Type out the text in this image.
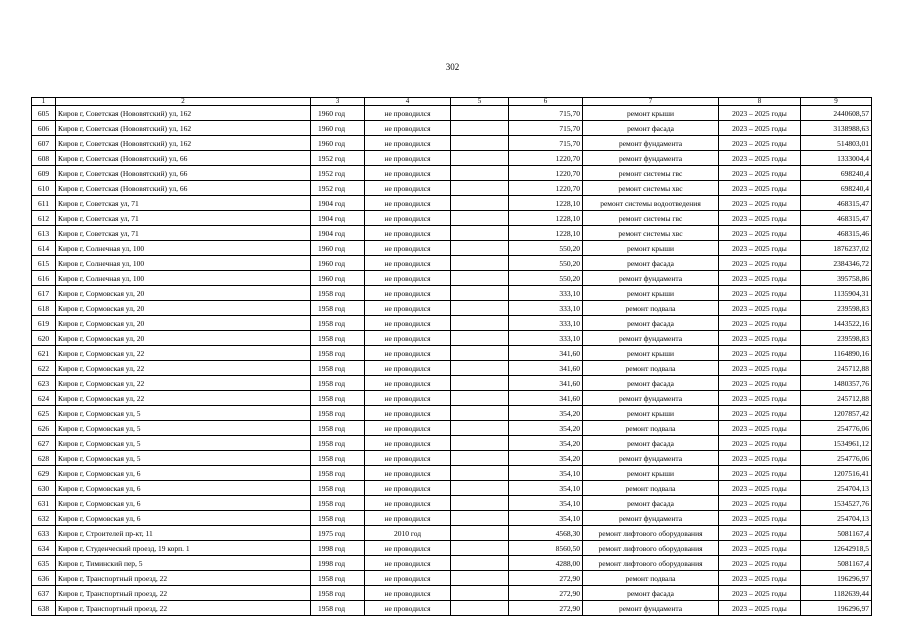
302
1	2	3	4	5	6	7	8	9
605	Киров г, Советская (Нововятский) ул, 162	1960 год	не проводился		715,70	ремонт крыши	2023 – 2025 годы	2440608,57
606	Киров г, Советская (Нововятский) ул, 162	1960 год	не проводился		715,70	ремонт фасада	2023 – 2025 годы	3138988,63
607	Киров г, Советская (Нововятский) ул, 162	1960 год	не проводился		715,70	ремонт фундамента	2023 – 2025 годы	514803,01
608	Киров г, Советская (Нововятский) ул, 66	1952 год	не проводился		1220,70	ремонт фундамента	2023 – 2025 годы	1333004,4
609	Киров г, Советская (Нововятский) ул, 66	1952 год	не проводился		1220,70	ремонт системы гвс	2023 – 2025 годы	698240,4
610	Киров г, Советская (Нововятский) ул, 66	1952 год	не проводился		1220,70	ремонт системы хвс	2023 – 2025 годы	698240,4
611	Киров г, Советская ул, 71	1904 год	не проводился		1228,10	ремонт системы водоотведения	2023 – 2025 годы	468315,47
612	Киров г, Советская ул, 71	1904 год	не проводился		1228,10	ремонт системы гвс	2023 – 2025 годы	468315,47
613	Киров г, Советская ул, 71	1904 год	не проводился		1228,10	ремонт системы хвс	2023 – 2025 годы	468315,46
614	Киров г, Солнечная ул, 100	1960 год	не проводился		550,20	ремонт крыши	2023 – 2025 годы	1876237,02
615	Киров г, Солнечная ул, 100	1960 год	не проводился		550,20	ремонт фасада	2023 – 2025 годы	2384346,72
616	Киров г, Солнечная ул, 100	1960 год	не проводился		550,20	ремонт фундамента	2023 – 2025 годы	395758,86
617	Киров г, Сормовская ул, 20	1958 год	не проводился		333,10	ремонт крыши	2023 – 2025 годы	1135904,31
618	Киров г, Сормовская ул, 20	1958 год	не проводился		333,10	ремонт подвала	2023 – 2025 годы	239598,83
619	Киров г, Сормовская ул, 20	1958 год	не проводился		333,10	ремонт фасада	2023 – 2025 годы	1443522,16
620	Киров г, Сормовская ул, 20	1958 год	не проводился		333,10	ремонт фундамента	2023 – 2025 годы	239598,83
621	Киров г, Сормовская ул, 22	1958 год	не проводился		341,60	ремонт крыши	2023 – 2025 годы	1164890,16
622	Киров г, Сормовская ул, 22	1958 год	не проводился		341,60	ремонт подвала	2023 – 2025 годы	245712,88
623	Киров г, Сормовская ул, 22	1958 год	не проводился		341,60	ремонт фасада	2023 – 2025 годы	1480357,76
624	Киров г, Сормовская ул, 22	1958 год	не проводился		341,60	ремонт фундамента	2023 – 2025 годы	245712,88
625	Киров г, Сормовская ул, 5	1958 год	не проводился		354,20	ремонт крыши	2023 – 2025 годы	1207857,42
626	Киров г, Сормовская ул, 5	1958 год	не проводился		354,20	ремонт подвала	2023 – 2025 годы	254776,06
627	Киров г, Сормовская ул, 5	1958 год	не проводился		354,20	ремонт фасада	2023 – 2025 годы	1534961,12
628	Киров г, Сормовская ул, 5	1958 год	не проводился		354,20	ремонт фундамента	2023 – 2025 годы	254776,06
629	Киров г, Сормовская ул, 6	1958 год	не проводился		354,10	ремонт крыши	2023 – 2025 годы	1207516,41
630	Киров г, Сормовская ул, 6	1958 год	не проводился		354,10	ремонт подвала	2023 – 2025 годы	254704,13
631	Киров г, Сормовская ул, 6	1958 год	не проводился		354,10	ремонт фасада	2023 – 2025 годы	1534527,76
632	Киров г, Сормовская ул, 6	1958 год	не проводился		354,10	ремонт фундамента	2023 – 2025 годы	254704,13
633	Киров г, Строителей пр-кт, 11	1975 год	2010 год		4568,30	ремонт лифтового оборудования	2023 – 2025 годы	5081167,4
634	Киров г, Студенческий проезд, 19 корп. 1	1998 год	не проводился		8560,50	ремонт лифтового оборудования	2023 – 2025 годы	12642918,5
635	Киров г, Тиминский пер, 5	1998 год	не проводился		4288,00	ремонт лифтового оборудования	2023 – 2025 годы	5081167,4
636	Киров г, Транспортный проезд, 22	1958 год	не проводился		272,90	ремонт подвала	2023 – 2025 годы	196296,97
637	Киров г, Транспортный проезд, 22	1958 год	не проводился		272,90	ремонт фасада	2023 – 2025 годы	1182639,44
638	Киров г, Транспортный проезд, 22	1958 год	не проводился		272,90	ремонт фундамента	2023 – 2025 годы	196296,97
